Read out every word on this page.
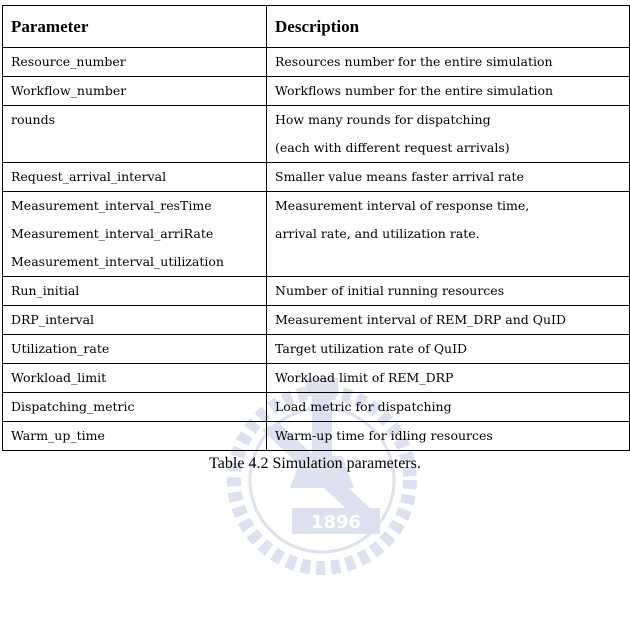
1896
Parameter	Description

Resource_number	Resources number for the entire simulation

Workflow_number	Workflows number for the entire simulation

rounds	How many rounds for dispatching
(each with different request arrivals)

Request_arrival_interval	Smaller value means faster arrival rate

Measurement_interval_resTime
Measurement_interval_arriRate
Measurement_interval_utilization	Measurement interval of response time,
arrival rate, and utilization rate.

Run_initial	Number of initial running resources

DRP_interval	Measurement interval of REM_DRP and QuID

Utilization_rate	Target utilization rate of QuID

Workload_limit	Workload limit of REM_DRP

Dispatching_metric	Load metric for dispatching

Warm_up_time	Warm-up time for idling resources
Table 4.2 Simulation parameters.
